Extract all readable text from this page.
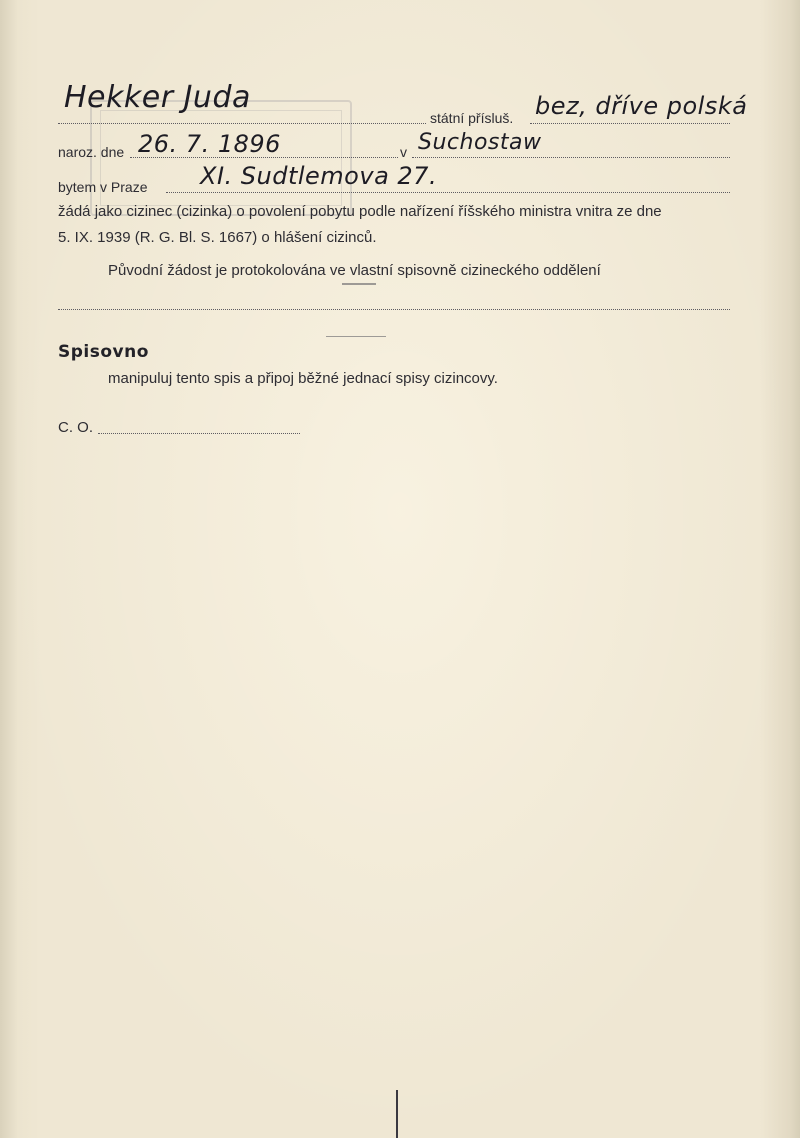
Hekker Juda
státní přísluš. bez, dříve polská
naroz. dne 26. 7. 1896	v Suchostaw
bytem v Praze XI. Sudtlemova 27.
žádá jako cizinec (cizinka) o povolení pobytu podle nařízení říšského ministra vnitra ze dne
5. IX. 1939 (R. G. Bl. S. 1667) o hlášení cizinců.
Původní žádost je protokolována ve vlastní spisovně cizineckého oddělení
Spisovno
manipuluj tento spis a připoj běžné jednací spisy cizincovy.
C. O.
